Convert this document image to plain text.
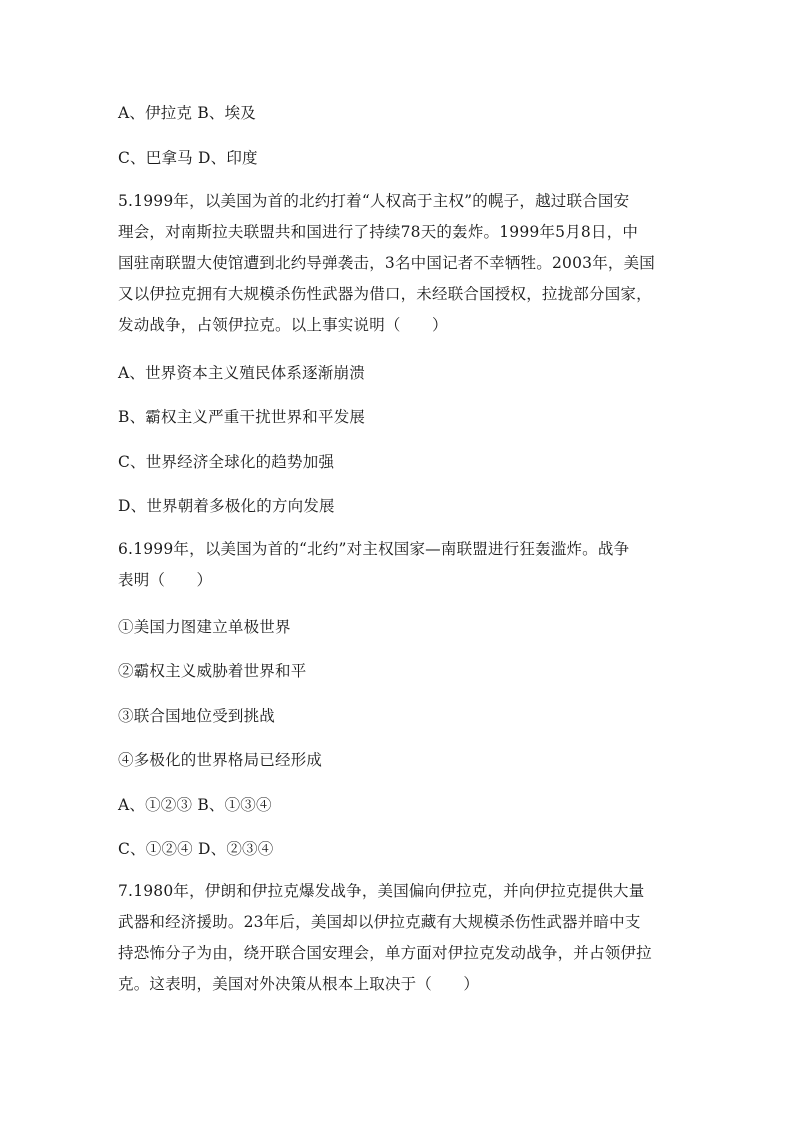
A、伊拉克 B、埃及
C、巴拿马 D、印度
5.1999年，以美国为首的北约打着“人权高于主权”的幌子，越过联合国安
理会，对南斯拉夫联盟共和国进行了持续78天的轰炸。1999年5月8日，中
国驻南联盟大使馆遭到北约导弹袭击，3名中国记者不幸牺牲。2003年，美国
又以伊拉克拥有大规模杀伤性武器为借口，未经联合国授权，拉拢部分国家，
发动战争，占领伊拉克。以上事实说明（　　）
A、世界资本主义殖民体系逐渐崩溃
B、霸权主义严重干扰世界和平发展
C、世界经济全球化的趋势加强
D、世界朝着多极化的方向发展
6.1999年，以美国为首的“北约”对主权国家—南联盟进行狂轰滥炸。战争
表明（　　）
①美国力图建立单极世界
②霸权主义威胁着世界和平
③联合国地位受到挑战
④多极化的世界格局已经形成
A、①②③ B、①③④
C、①②④ D、②③④
7.1980年，伊朗和伊拉克爆发战争，美国偏向伊拉克，并向伊拉克提供大量
武器和经济援助。23年后，美国却以伊拉克藏有大规模杀伤性武器并暗中支
持恐怖分子为由，绕开联合国安理会，单方面对伊拉克发动战争，并占领伊拉
克。这表明，美国对外决策从根本上取决于（　　）
